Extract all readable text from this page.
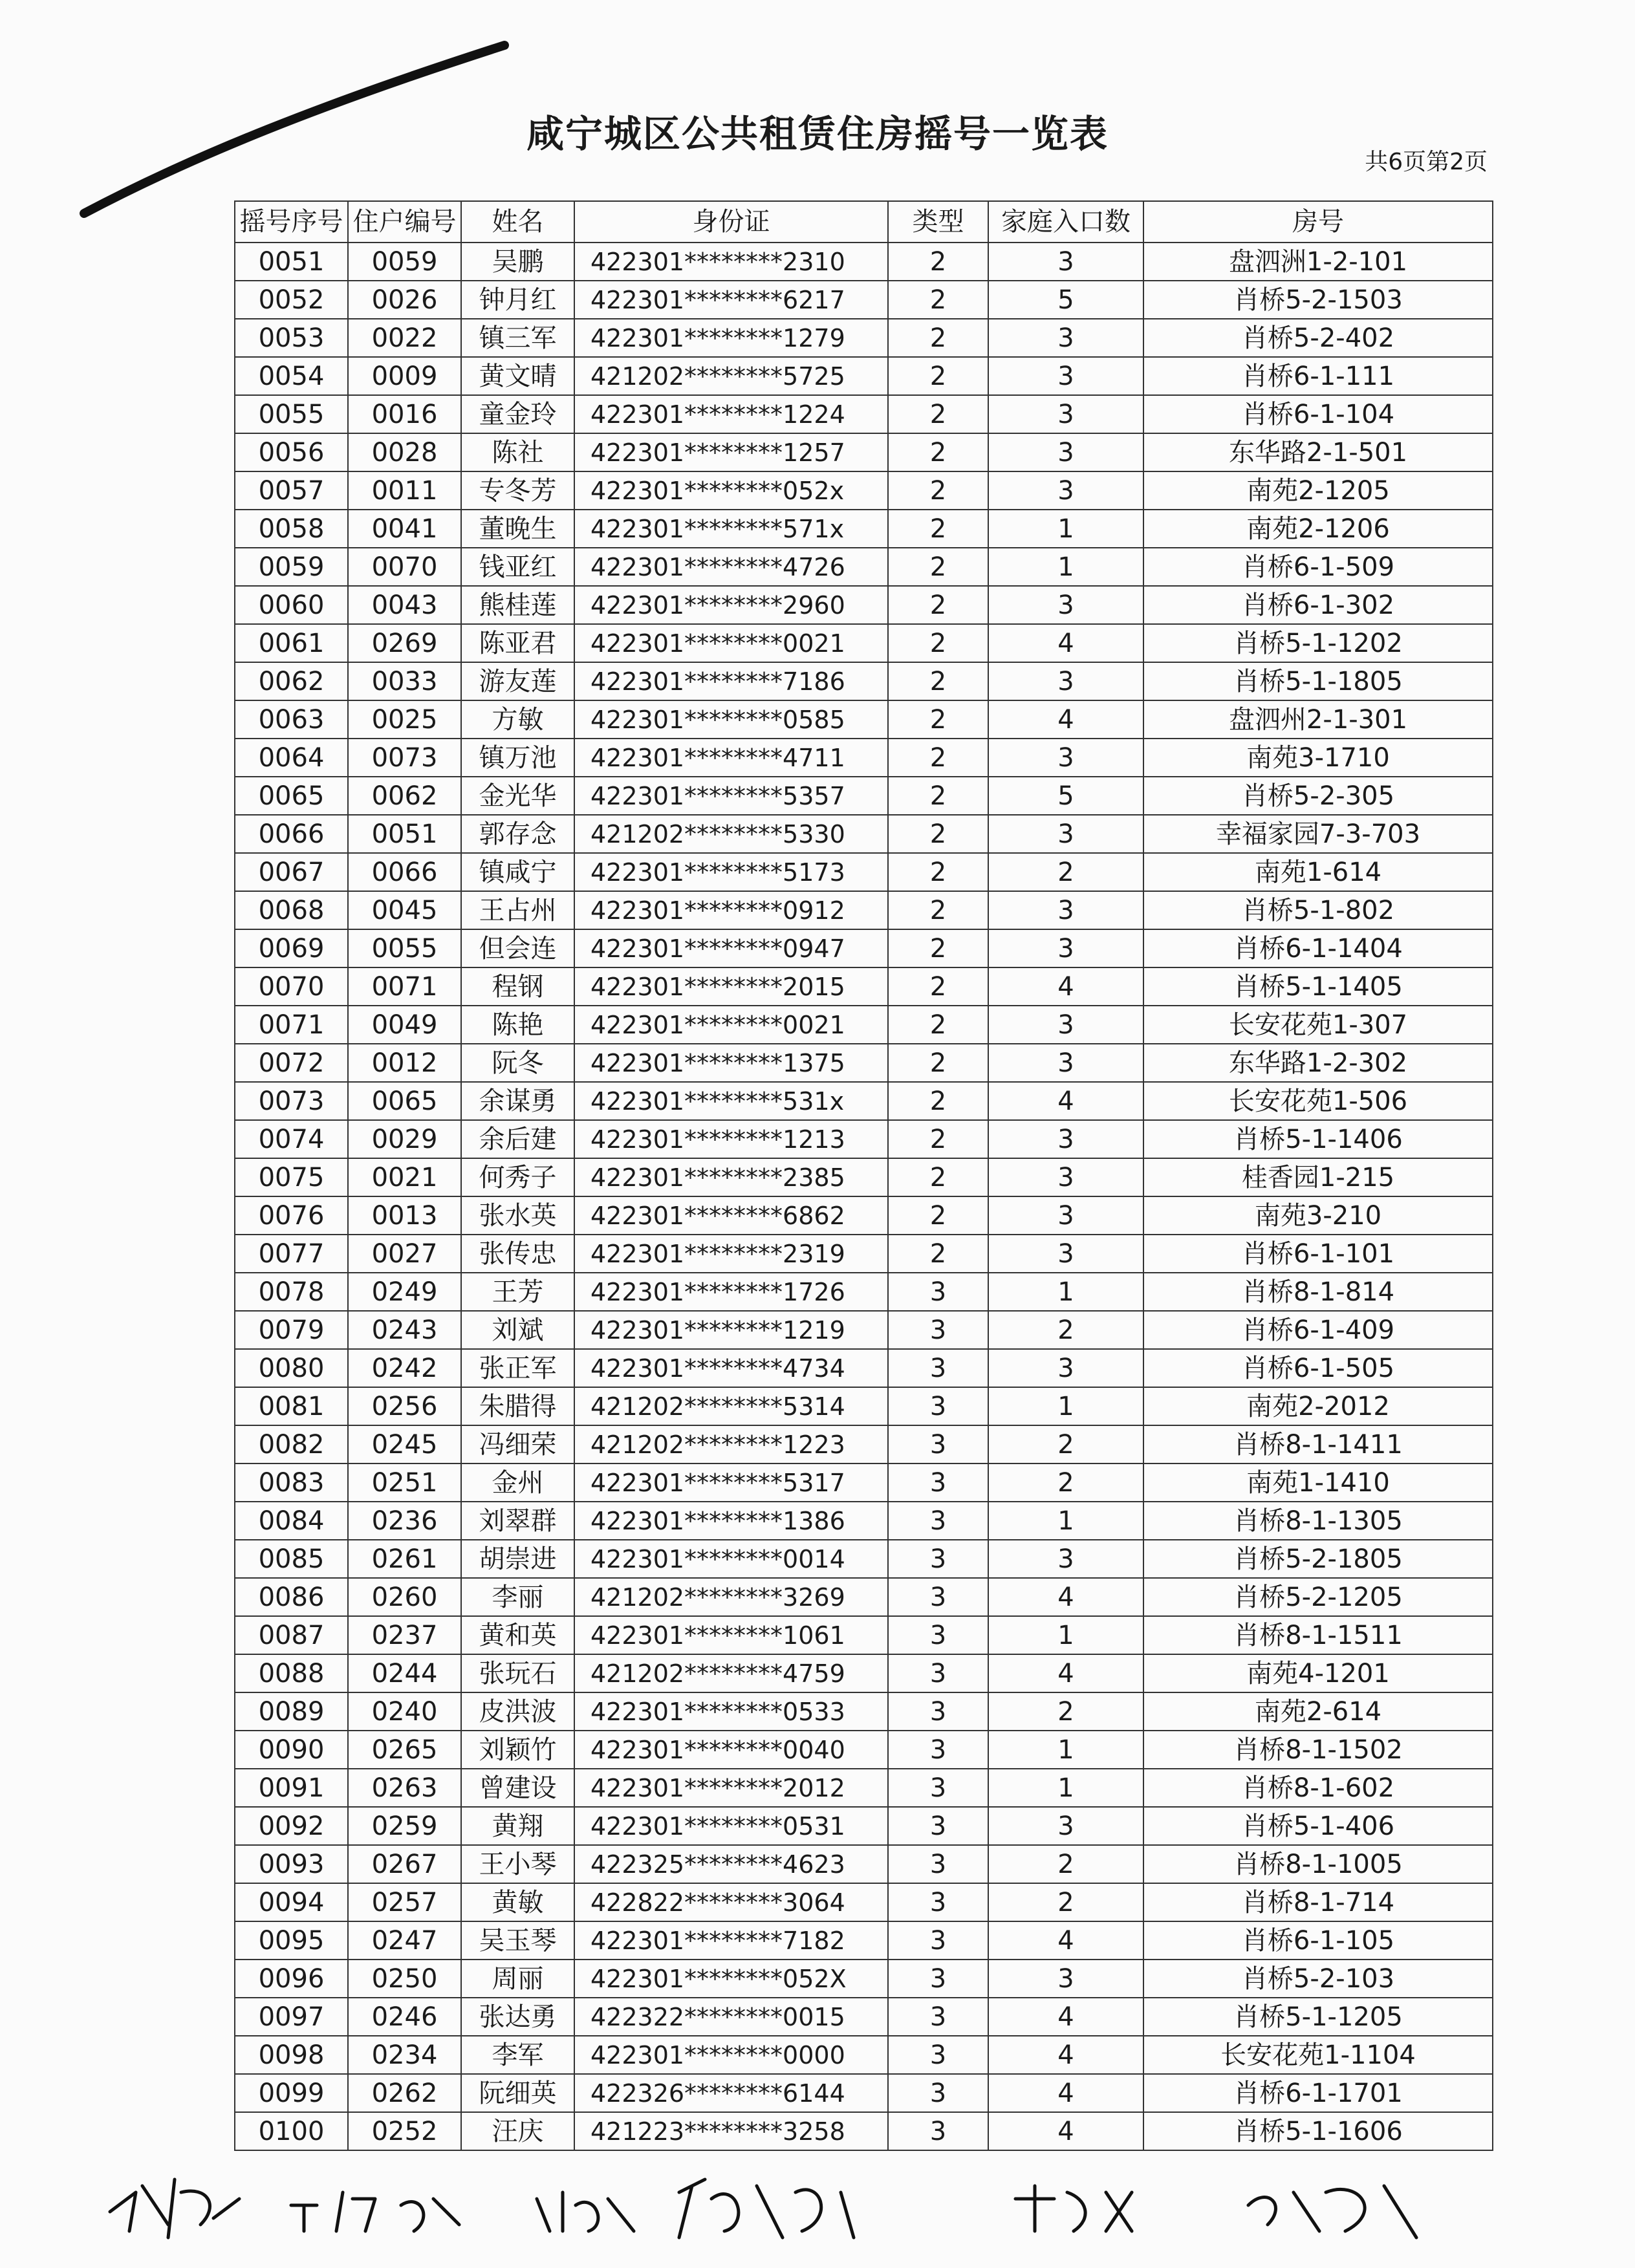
咸宁城区公共租赁住房摇号一览表
共6页第2页
摇号序号	住户编号	姓名	身份证	类型	家庭入口数	房号
0051	0059	吴鹏	422301********2310	2	3	盘泗洲1-2-101
0052	0026	钟月红	422301********6217	2	5	肖桥5-2-1503
0053	0022	镇三军	422301********1279	2	3	肖桥5-2-402
0054	0009	黄文晴	421202********5725	2	3	肖桥6-1-111
0055	0016	童金玲	422301********1224	2	3	肖桥6-1-104
0056	0028	陈社	422301********1257	2	3	东华路2-1-501
0057	0011	专冬芳	422301********052x	2	3	南苑2-1205
0058	0041	董晚生	422301********571x	2	1	南苑2-1206
0059	0070	钱亚红	422301********4726	2	1	肖桥6-1-509
0060	0043	熊桂莲	422301********2960	2	3	肖桥6-1-302
0061	0269	陈亚君	422301********0021	2	4	肖桥5-1-1202
0062	0033	游友莲	422301********7186	2	3	肖桥5-1-1805
0063	0025	方敏	422301********0585	2	4	盘泗州2-1-301
0064	0073	镇万池	422301********4711	2	3	南苑3-1710
0065	0062	金光华	422301********5357	2	5	肖桥5-2-305
0066	0051	郭存念	421202********5330	2	3	幸福家园7-3-703
0067	0066	镇咸宁	422301********5173	2	2	南苑1-614
0068	0045	王占州	422301********0912	2	3	肖桥5-1-802
0069	0055	但会连	422301********0947	2	3	肖桥6-1-1404
0070	0071	程钢	422301********2015	2	4	肖桥5-1-1405
0071	0049	陈艳	422301********0021	2	3	长安花苑1-307
0072	0012	阮冬	422301********1375	2	3	东华路1-2-302
0073	0065	余谋勇	422301********531x	2	4	长安花苑1-506
0074	0029	余后建	422301********1213	2	3	肖桥5-1-1406
0075	0021	何秀子	422301********2385	2	3	桂香园1-215
0076	0013	张水英	422301********6862	2	3	南苑3-210
0077	0027	张传忠	422301********2319	2	3	肖桥6-1-101
0078	0249	王芳	422301********1726	3	1	肖桥8-1-814
0079	0243	刘斌	422301********1219	3	2	肖桥6-1-409
0080	0242	张正军	422301********4734	3	3	肖桥6-1-505
0081	0256	朱腊得	421202********5314	3	1	南苑2-2012
0082	0245	冯细荣	421202********1223	3	2	肖桥8-1-1411
0083	0251	金州	422301********5317	3	2	南苑1-1410
0084	0236	刘翠群	422301********1386	3	1	肖桥8-1-1305
0085	0261	胡崇进	422301********0014	3	3	肖桥5-2-1805
0086	0260	李丽	421202********3269	3	4	肖桥5-2-1205
0087	0237	黄和英	422301********1061	3	1	肖桥8-1-1511
0088	0244	张玩石	421202********4759	3	4	南苑4-1201
0089	0240	皮洪波	422301********0533	3	2	南苑2-614
0090	0265	刘颖竹	422301********0040	3	1	肖桥8-1-1502
0091	0263	曾建设	422301********2012	3	1	肖桥8-1-602
0092	0259	黄翔	422301********0531	3	3	肖桥5-1-406
0093	0267	王小琴	422325********4623	3	2	肖桥8-1-1005
0094	0257	黄敏	422822********3064	3	2	肖桥8-1-714
0095	0247	吴玉琴	422301********7182	3	4	肖桥6-1-105
0096	0250	周丽	422301********052X	3	3	肖桥5-2-103
0097	0246	张达勇	422322********0015	3	4	肖桥5-1-1205
0098	0234	李军	422301********0000	3	4	长安花苑1-1104
0099	0262	阮细英	422326********6144	3	4	肖桥6-1-1701
0100	0252	汪庆	421223********3258	3	4	肖桥5-1-1606
